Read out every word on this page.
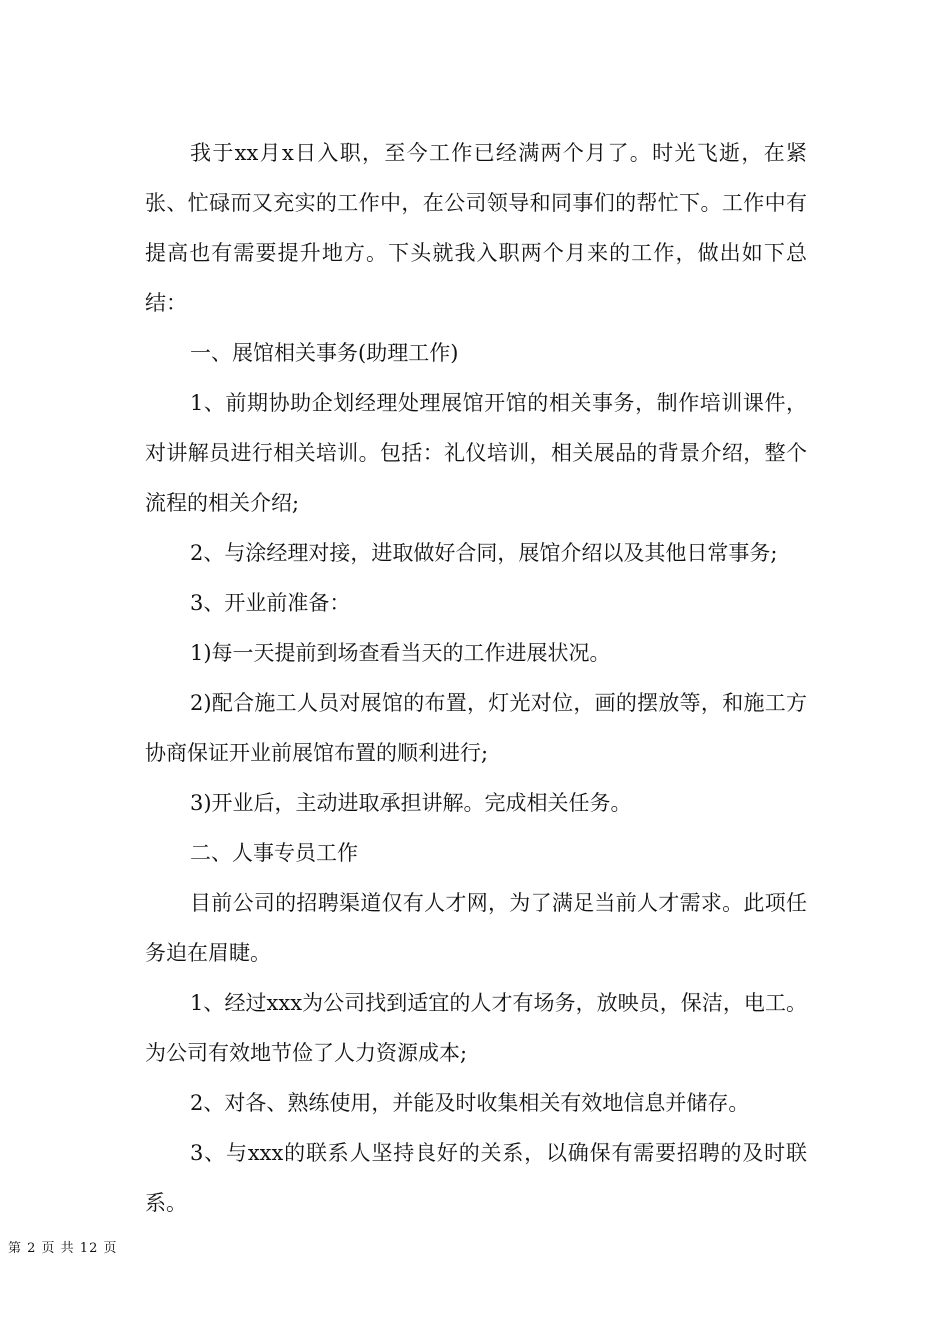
我于xx月x日入职，至今工作已经满两个月了。时光飞逝，在紧张、忙碌而又充实的工作中，在公司领导和同事们的帮忙下。工作中有提高也有需要提升地方。下头就我入职两个月来的工作，做出如下总结：

一、展馆相关事务(助理工作)

1、前期协助企划经理处理展馆开馆的相关事务，制作培训课件，对讲解员进行相关培训。包括：礼仪培训，相关展品的背景介绍，整个流程的相关介绍;

2、与涂经理对接，进取做好合同，展馆介绍以及其他日常事务;

3、开业前准备：

1)每一天提前到场查看当天的工作进展状况。

2)配合施工人员对展馆的布置，灯光对位，画的摆放等，和施工方协商保证开业前展馆布置的顺利进行;

3)开业后，主动进取承担讲解。完成相关任务。

二、人事专员工作

目前公司的招聘渠道仅有人才网，为了满足当前人才需求。此项任务迫在眉睫。

1、经过xxx为公司找到适宜的人才有场务，放映员，保洁，电工。为公司有效地节俭了人力资源成本;

2、对各、熟练使用，并能及时收集相关有效地信息并储存。

3、与xxx的联系人坚持良好的关系，以确保有需要招聘的及时联系。

第 2 页 共 12 页
